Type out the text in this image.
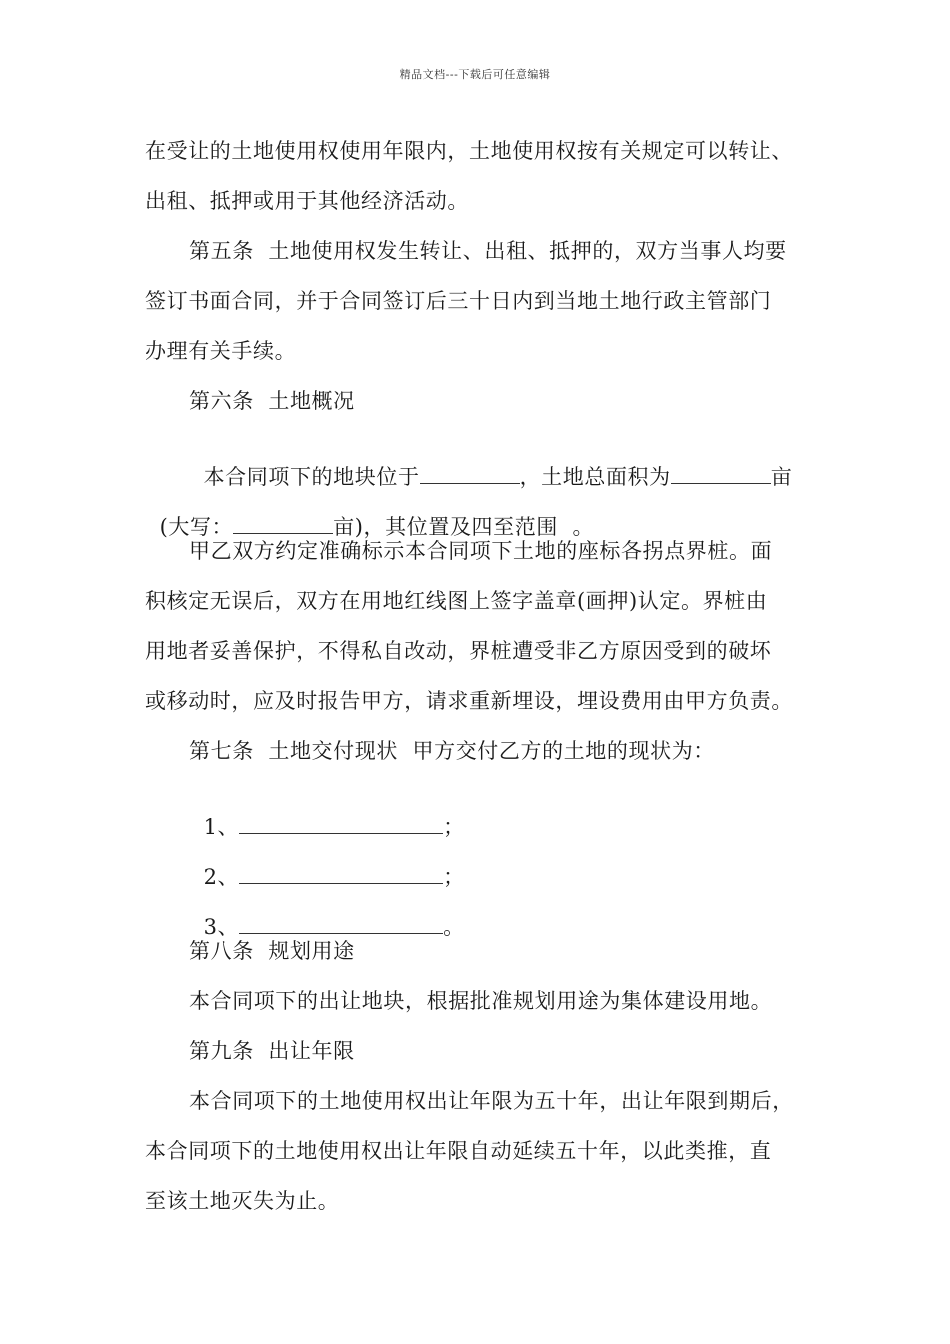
精品文档---下载后可任意编辑
在受让的土地使用权使用年限内，土地使用权按有关规定可以转让、
出租、抵押或用于其他经济活动。
第五条  土地使用权发生转让、出租、抵押的，双方当事人均要
签订书面合同，并于合同签订后三十日内到当地土地行政主管部门
办理有关手续。
第六条  土地概况

本合同项下的地块位于	，土地总面积为	亩

(大写：	亩)，其位置及四至范围  。

甲乙双方约定准确标示本合同项下土地的座标各拐点界桩。面
积核定无误后，双方在用地红线图上签字盖章(画押)认定。界桩由
用地者妥善保护，不得私自改动，界桩遭受非乙方原因受到的破坏
或移动时，应及时报告甲方，请求重新埋设，埋设费用由甲方负责。
第七条  土地交付现状  甲方交付乙方的土地的现状为：

1、	；

2、	；

3、	。

第八条  规划用途
本合同项下的出让地块，根据批准规划用途为集体建设用地。
第九条  出让年限
本合同项下的土地使用权出让年限为五十年，出让年限到期后，
本合同项下的土地使用权出让年限自动延续五十年，以此类推，直
至该土地灭失为止。
